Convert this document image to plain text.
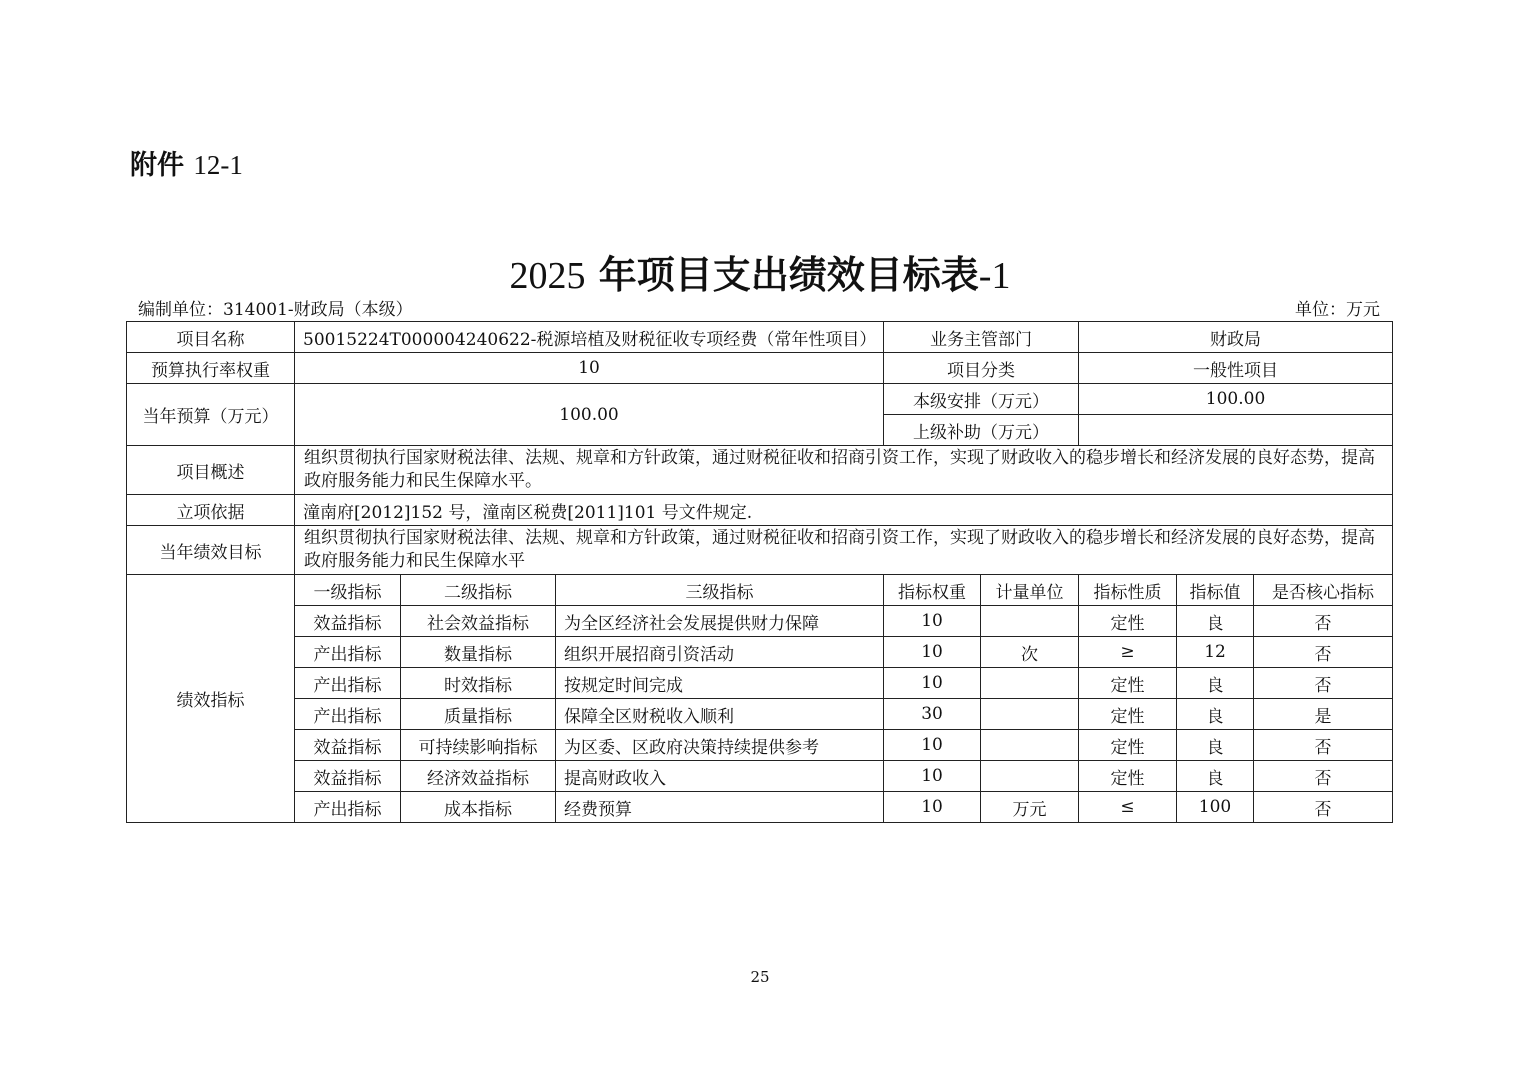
附件 12-1
2025 年项目支出绩效目标表-1
编制单位：314001-财政局（本级）	单位：万元
项目名称	50015224T000004240622-税源培植及财税征收专项经费（常年性项目）			业务主管部门		财政局		
预算执行率权重	10			项目分类		一般性项目		
当年预算（万元）	100.00			本级安排（万元）		100.00		
				上级补助（万元）				
项目概述	组织贯彻执行国家财税法律、法规、规章和方针政策，通过财税征收和招商引资工作，实现了财政收入的稳步增长和经济发展的良好态势，提高政府服务能力和民生保障水平。							
立项依据	潼南府[2012]152 号，潼南区税费[2011]101 号文件规定.							
当年绩效目标	组织贯彻执行国家财税法律、法规、规章和方针政策，通过财税征收和招商引资工作，实现了财政收入的稳步增长和经济发展的良好态势，提高政府服务能力和民生保障水平							
绩效指标	一级指标	二级指标	三级指标	指标权重	计量单位	指标性质	指标值	是否核心指标
	效益指标	社会效益指标	为全区经济社会发展提供财力保障	10		定性	良	否
	产出指标	数量指标	组织开展招商引资活动	10	次	≥	12	否
	产出指标	时效指标	按规定时间完成	10		定性	良	否
	产出指标	质量指标	保障全区财税收入顺利	30		定性	良	是
	效益指标	可持续影响指标	为区委、区政府决策持续提供参考	10		定性	良	否
	效益指标	经济效益指标	提高财政收入	10		定性	良	否
	产出指标	成本指标	经费预算	10	万元	≤	100	否
25
